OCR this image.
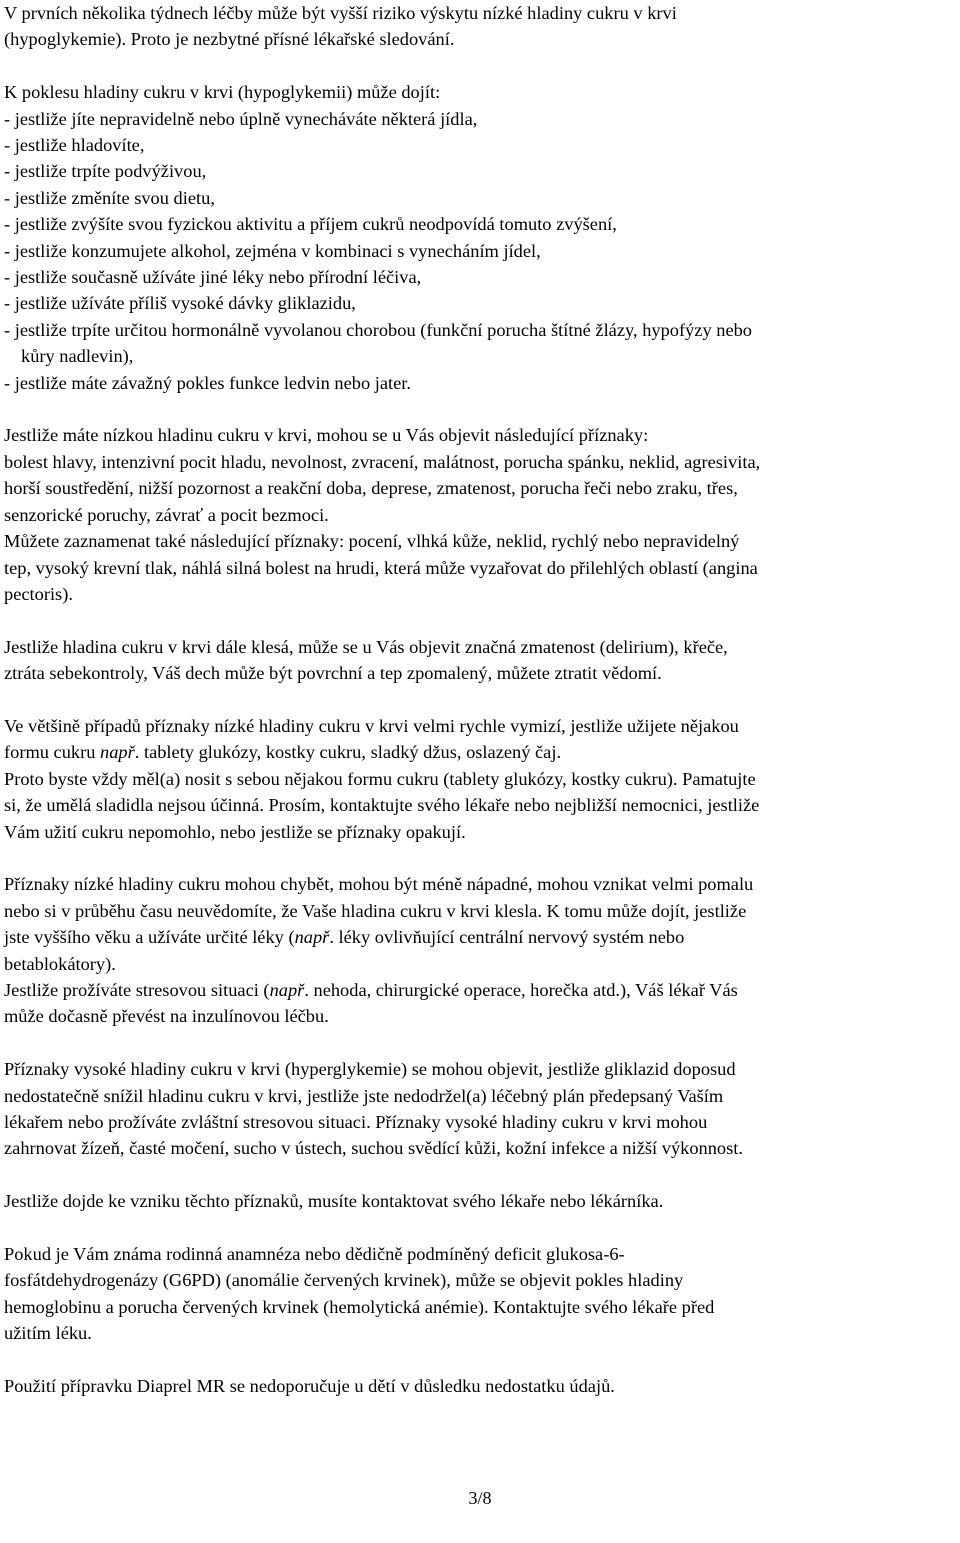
V prvních několika týdnech léčby může být vyšší riziko výskytu nízké hladiny cukru v krvi
(hypoglykemie). Proto je nezbytné přísné lékařské sledování.

K poklesu hladiny cukru v krvi (hypoglykemii) může dojít:
- jestliže jíte nepravidelně nebo úplně vynecháváte některá jídla,
- jestliže hladovíte,
- jestliže trpíte podvýživou,
- jestliže změníte svou dietu,
- jestliže zvýšíte svou fyzickou aktivitu a příjem cukrů neodpovídá tomuto zvýšení,
- jestliže konzumujete alkohol, zejména v kombinaci s vynecháním jídel,
- jestliže současně užíváte jiné léky nebo přírodní léčiva,
- jestliže užíváte příliš vysoké dávky gliklazidu,
- jestliže trpíte určitou hormonálně vyvolanou chorobou (funkční porucha štítné žlázy, hypofýzy nebo
kůry nadlevin),
- jestliže máte závažný pokles funkce ledvin nebo jater.
Jestliže máte nízkou hladinu cukru v krvi, mohou se u Vás objevit následující příznaky:
bolest hlavy, intenzivní pocit hladu, nevolnost, zvracení, malátnost, porucha spánku, neklid, agresivita,
horší soustředění, nižší pozornost a reakční doba, deprese, zmatenost, porucha řeči nebo zraku, třes,
senzorické poruchy, závrať a pocit bezmoci.
Můžete zaznamenat také následující příznaky: pocení, vlhká kůže, neklid, rychlý nebo nepravidelný
tep, vysoký krevní tlak, náhlá silná bolest na hrudi, která může vyzařovat do přilehlých oblastí (angina
pectoris).
Jestliže hladina cukru v krvi dále klesá, může se u Vás objevit značná zmatenost (delirium), křeče,
ztráta sebekontroly, Váš dech může být povrchní a tep zpomalený, můžete ztratit vědomí.
Ve většině případů příznaky nízké hladiny cukru v krvi velmi rychle vymizí, jestliže užijete nějakou
formu cukru např. tablety glukózy, kostky cukru, sladký džus, oslazený čaj.
Proto byste vždy měl(a) nosit s sebou nějakou formu cukru (tablety glukózy, kostky cukru). Pamatujte
si, že umělá sladidla nejsou účinná. Prosím, kontaktujte svého lékaře nebo nejbližší nemocnici, jestliže
Vám užití cukru nepomohlo, nebo jestliže se příznaky opakují.
Příznaky nízké hladiny cukru mohou chybět, mohou být méně nápadné, mohou vznikat velmi pomalu
nebo si v průběhu času neuvědomíte, že Vaše hladina cukru v krvi klesla. K tomu může dojít, jestliže
jste vyššího věku a užíváte určité léky (např. léky ovlivňující centrální nervový systém nebo
betablokátory).
Jestliže prožíváte stresovou situaci (např. nehoda, chirurgické operace, horečka atd.), Váš lékař Vás
může dočasně převést na inzulínovou léčbu.
Příznaky vysoké hladiny cukru v krvi (hyperglykemie) se mohou objevit, jestliže gliklazid doposud
nedostatečně snížil hladinu cukru v krvi, jestliže jste nedodržel(a) léčebný plán předepsaný Vaším
lékařem nebo prožíváte zvláštní stresovou situaci. Příznaky vysoké hladiny cukru v krvi mohou
zahrnovat žízeň, časté močení, sucho v ústech, suchou svědící kůži, kožní infekce a nižší výkonnost.
Jestliže dojde ke vzniku těchto příznaků, musíte kontaktovat svého lékaře nebo lékárníka.
Pokud je Vám známa rodinná anamnéza nebo dědičně podmíněný deficit glukosa-6-
fosfátdehydrogenázy (G6PD) (anomálie červených krvinek), může se objevit pokles hladiny
hemoglobinu a porucha červených krvinek (hemolytická anémie). Kontaktujte svého lékaře před
užitím léku.
Použití přípravku Diaprel MR se nedoporučuje u dětí v důsledku nedostatku údajů.
3/8
